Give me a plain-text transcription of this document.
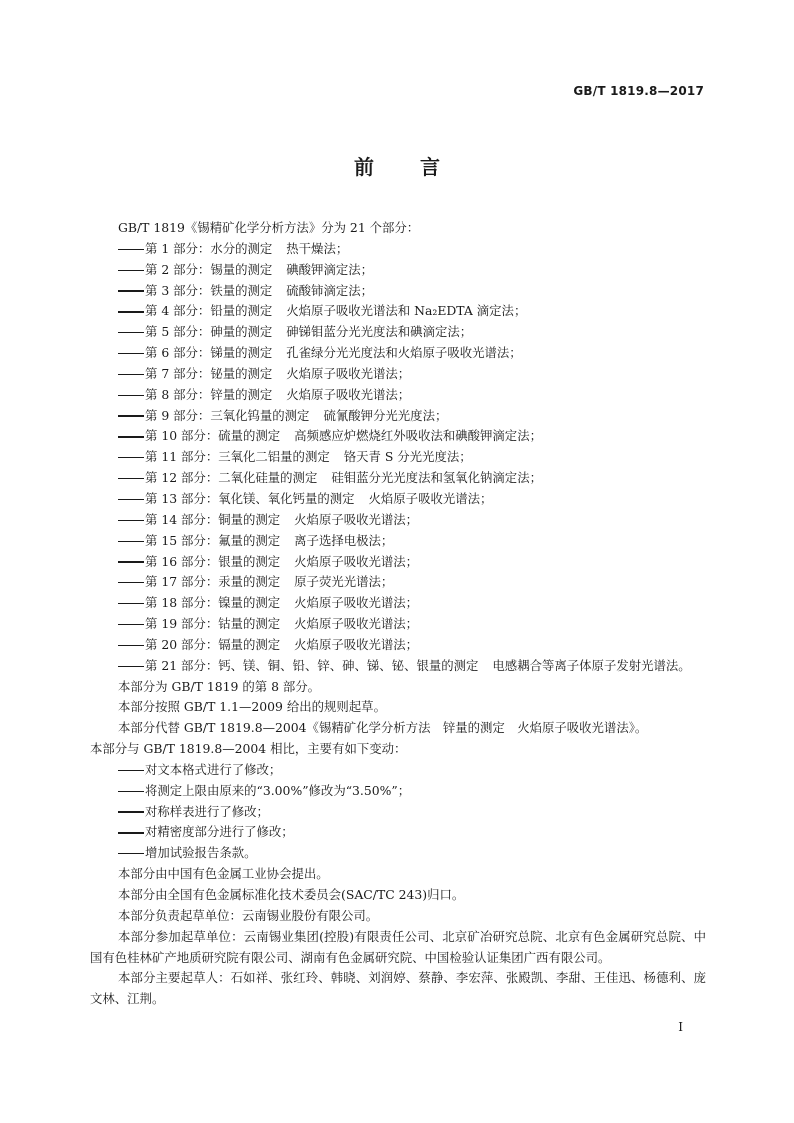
GB/T 1819.8—2017
前 言
GB/T 1819《锡精矿化学分析方法》分为 21 个部分：
第 1 部分：水分的测定 热干燥法；
第 2 部分：锡量的测定 碘酸钾滴定法；
第 3 部分：铁量的测定 硫酸铈滴定法；
第 4 部分：铅量的测定 火焰原子吸收光谱法和 Na₂EDTA 滴定法；
第 5 部分：砷量的测定 砷锑钼蓝分光光度法和碘滴定法；
第 6 部分：锑量的测定 孔雀绿分光光度法和火焰原子吸收光谱法；
第 7 部分：铋量的测定 火焰原子吸收光谱法；
第 8 部分：锌量的测定 火焰原子吸收光谱法；
第 9 部分：三氧化钨量的测定 硫氰酸钾分光光度法；
第 10 部分：硫量的测定 高频感应炉燃烧红外吸收法和碘酸钾滴定法；
第 11 部分：三氧化二铝量的测定 铬天青 S 分光光度法；
第 12 部分：二氧化硅量的测定 硅钼蓝分光光度法和氢氧化钠滴定法；
第 13 部分：氧化镁、氧化钙量的测定 火焰原子吸收光谱法；
第 14 部分：铜量的测定 火焰原子吸收光谱法；
第 15 部分：氟量的测定 离子选择电极法；
第 16 部分：银量的测定 火焰原子吸收光谱法；
第 17 部分：汞量的测定 原子荧光光谱法；
第 18 部分：镍量的测定 火焰原子吸收光谱法；
第 19 部分：钴量的测定 火焰原子吸收光谱法；
第 20 部分：镉量的测定 火焰原子吸收光谱法；
第 21 部分：钙、镁、铜、铅、锌、砷、锑、铋、银量的测定 电感耦合等离子体原子发射光谱法。
本部分为 GB/T 1819 的第 8 部分。
本部分按照 GB/T 1.1—2009 给出的规则起草。
本部分代替 GB/T 1819.8—2004《锡精矿化学分析方法　锌量的测定　火焰原子吸收光谱法》。
本部分与 GB/T 1819.8—2004 相比，主要有如下变动：
对文本格式进行了修改；
将测定上限由原来的“3.00%”修改为“3.50%”；
对称样表进行了修改；
对精密度部分进行了修改；
增加试验报告条款。
本部分由中国有色金属工业协会提出。
本部分由全国有色金属标准化技术委员会(SAC/TC 243)归口。
本部分负责起草单位：云南锡业股份有限公司。
本部分参加起草单位：云南锡业集团(控股)有限责任公司、北京矿冶研究总院、北京有色金属研究总院、中国有色桂林矿产地质研究院有限公司、湖南有色金属研究院、中国检验认证集团广西有限公司。
本部分主要起草人：石如祥、张红玲、韩晓、刘润婷、蔡静、李宏萍、张殿凯、李甜、王佳迅、杨德利、庞文林、江荆。
I
